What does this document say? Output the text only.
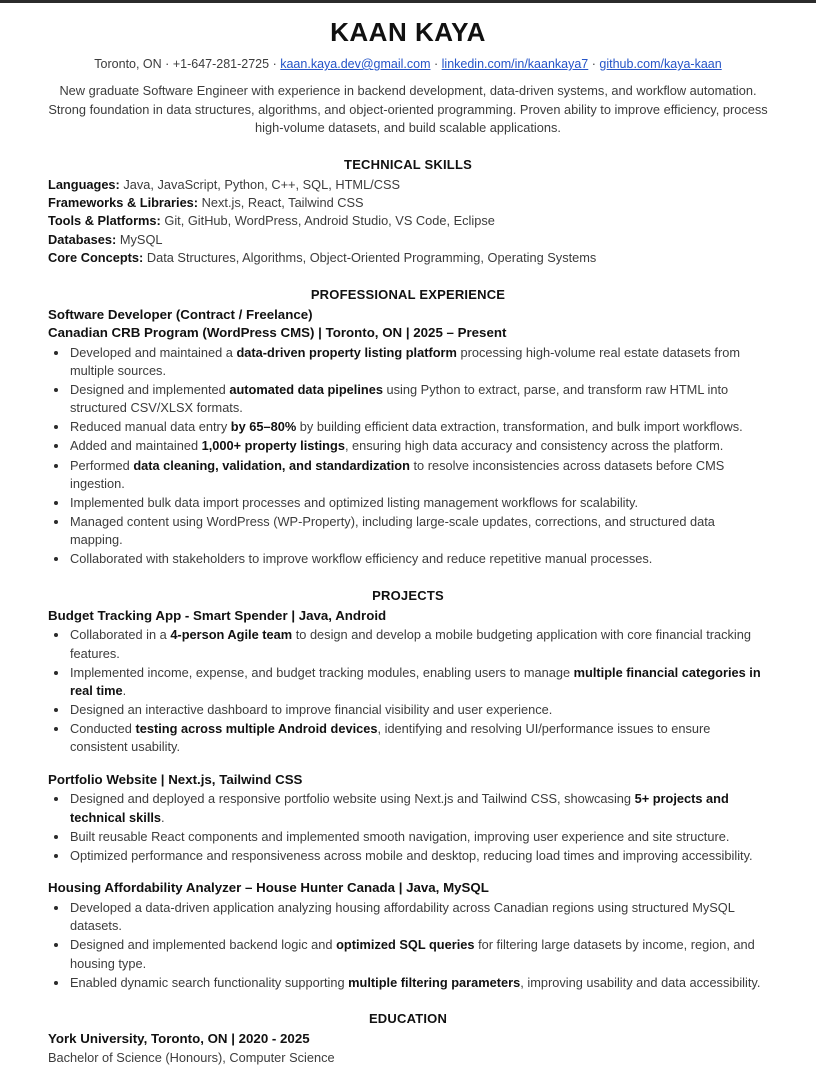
KAAN KAYA
Toronto, ON · +1-647-281-2725 · kaan.kaya.dev@gmail.com · linkedin.com/in/kaankaya7 · github.com/kaya-kaan

New graduate Software Engineer with experience in backend development, data-driven systems, and workflow automation. Strong foundation in data structures, algorithms, and object-oriented programming. Proven ability to improve efficiency, process high-volume datasets, and build scalable applications.

TECHNICAL SKILLS
Languages: Java, JavaScript, Python, C++, SQL, HTML/CSS
Frameworks & Libraries: Next.js, React, Tailwind CSS
Tools & Platforms: Git, GitHub, WordPress, Android Studio, VS Code, Eclipse
Databases: MySQL
Core Concepts: Data Structures, Algorithms, Object-Oriented Programming, Operating Systems
PROFESSIONAL EXPERIENCE
Software Developer (Contract / Freelance)
Canadian CRB Program (WordPress CMS) | Toronto, ON | 2025 – Present
Developed and maintained a data-driven property listing platform processing high-volume real estate datasets from multiple sources.
Designed and implemented automated data pipelines using Python to extract, parse, and transform raw HTML into structured CSV/XLSX formats.
Reduced manual data entry by 65–80% by building efficient data extraction, transformation, and bulk import workflows.
Added and maintained 1,000+ property listings, ensuring high data accuracy and consistency across the platform.
Performed data cleaning, validation, and standardization to resolve inconsistencies across datasets before CMS ingestion.
Implemented bulk data import processes and optimized listing management workflows for scalability.
Managed content using WordPress (WP-Property), including large-scale updates, corrections, and structured data mapping.
Collaborated with stakeholders to improve workflow efficiency and reduce repetitive manual processes.
PROJECTS
Budget Tracking App - Smart Spender | Java, Android
Collaborated in a 4-person Agile team to design and develop a mobile budgeting application with core financial tracking features.
Implemented income, expense, and budget tracking modules, enabling users to manage multiple financial categories in real time.
Designed an interactive dashboard to improve financial visibility and user experience.
Conducted testing across multiple Android devices, identifying and resolving UI/performance issues to ensure consistent usability.
Portfolio Website | Next.js, Tailwind CSS
Designed and deployed a responsive portfolio website using Next.js and Tailwind CSS, showcasing 5+ projects and technical skills.
Built reusable React components and implemented smooth navigation, improving user experience and site structure.
Optimized performance and responsiveness across mobile and desktop, reducing load times and improving accessibility.
Housing Affordability Analyzer – House Hunter Canada | Java, MySQL
Developed a data-driven application analyzing housing affordability across Canadian regions using structured MySQL datasets.
Designed and implemented backend logic and optimized SQL queries for filtering large datasets by income, region, and housing type.
Enabled dynamic search functionality supporting multiple filtering parameters, improving usability and data accessibility.
EDUCATION
York University, Toronto, ON | 2020 - 2025
Bachelor of Science (Honours), Computer Science
